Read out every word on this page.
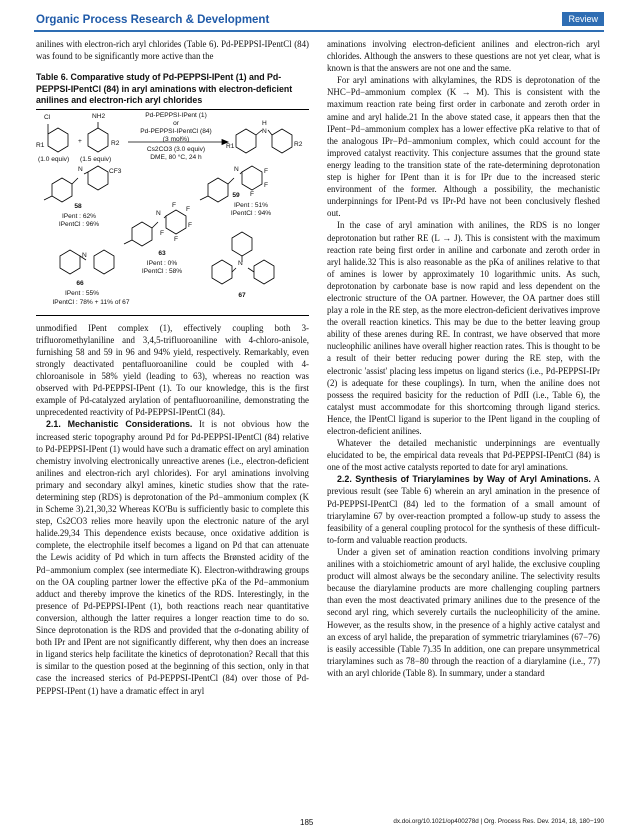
Organic Process Research & Development	Review

anilines with electron-rich aryl chlorides (Table 6). Pd-PEPPSI-IPentCl (84) was found to be significantly more active than the

Table 6. Comparative study of Pd-PEPPSI-IPent (1) and Pd-PEPPSI-IPentCl (84) in aryl aminations with electron-deficient anilines and electron-rich aryl chlorides
Cl	NH2
R1
+	R2
(1.0 equiv) (1.5 equiv)
Pd-PEPPSI-IPent (1)
or
Pd-PEPPSI-IPentCl (84)
(3 mol%)
Cs2CO3 (3.0 equiv)
DME, 80 °C, 24 h
R1
H
N
R2
N	CF3	N	F
F
F
N
F
F
F
F
F
N
N
58
IPent : 62%
IPentCl : 96%
59
IPent : 51%
IPentCl : 94%
63
IPent : 0%
IPentCl : 58%
66
IPent : 55%
IPentCl : 78% + 11% of 67
67

unmodified IPent complex (1), effectively coupling both 3-trifluoromethylaniline and 3,4,5-trifluoroaniline with 4-chloro-anisole, furnishing 58 and 59 in 96 and 94% yield, respectively. Remarkably, even strongly deactivated pentafluoroaniline could be coupled with 4-chloroanisole in 58% yield (leading to 63), whereas no reaction was observed with Pd-PEPPSI-IPent (1). To our knowledge, this is the first example of Pd-catalyzed arylation of pentafluoroaniline, demonstrating the unprecedented reactivity of Pd-PEPPSI-IPentCl (84).

2.1. Mechanistic Considerations. It is not obvious how the increased steric topography around Pd for Pd-PEPPSI-IPentCl (84) relative to Pd-PEPPSI-IPent (1) would have such a dramatic effect on aryl amination chemistry involving electronically unreactive arenes (i.e., electron-deficient anilines and electron-rich aryl chlorides). For aryl aminations involving primary and secondary alkyl amines, kinetic studies show that the rate-determining step (RDS) is deprotonation of the Pd−ammonium complex (K in Scheme 3).21,30,32 Whereas KO'Bu is sufficiently basic to complete this step, Cs2CO3 relies more heavily upon the electronic nature of the aryl halide.29,34 This dependence exists because, once oxidative addition is complete, the electrophile itself becomes a ligand on Pd that can attenuate the Lewis acidity of Pd which in turn affects the Brønsted acidity of the Pd−ammonium complex (see intermediate K). Electron-withdrawing groups on the OA coupling partner lower the effective pKa of the Pd−ammonium adduct and thereby improve the kinetics of the RDS. Interestingly, in the presence of Pd-PEPPSI-IPent (1), both reactions reach near quantitative conversion, although the latter requires a longer reaction time to do so. Since deprotonation is the RDS and provided that the σ-donating ability of both IPr and IPent are not significantly different, why then does an increase in ligand sterics help facilitate the kinetics of deprotonation? Recall that this is similar to the question posed at the beginning of this section, only in that case the increased sterics of Pd-PEPPSI-IPentCl (84) over those of Pd-PEPPSI-IPent (1) have a dramatic effect in aryl

aminations involving electron-deficient anilines and electron-rich aryl chlorides. Although the answers to these questions are not yet clear, what is known is that the answers are not one and the same.

For aryl aminations with alkylamines, the RDS is deprotonation of the NHC−Pd−ammonium complex (K → M). This is consistent with the maximum reaction rate being first order in carbonate and zeroth order in amine and aryl halide.21 In the above stated case, it appears then that the IPent−Pd−ammonium complex has a lower effective pKa relative to that of the analogous IPr−Pd−ammonium complex, which could account for the improved catalyst reactivity. This conjecture assumes that the ground state energy leading to the transition state of the rate-determining deprotonation step is higher for IPent than it is for IPr due to the increased steric environment of the former. Although a possibility, the mechanistic underpinnings for IPent-Pd vs IPr-Pd have not been conclusively fleshed out.

In the case of aryl amination with anilines, the RDS is no longer deprotonation but rather RE (L → J). This is consistent with the maximum reaction rate being first order in aniline and carbonate and zeroth order in aryl halide.32 This is also reasonable as the pKa of anilines relative to that of amines is lower by approximately 10 logarithmic units. As such, deprotonation by carbonate base is now rapid and less dependent on the electronic structure of the OA partner. However, the OA partner does still play a role in the RE step, as the more electron-deficient derivatives improve the overall reaction kinetics. This may be due to the better leaving group ability of these arenes during RE. In contrast, we have observed that more nucleophilic anilines have overall higher reaction rates. This is thought to be a result of their better reducing power during the RE step, with the electronic 'assist' placing less impetus on ligand sterics (i.e., Pd-PEPPSI-IPr (2) is adequate for these couplings). In turn, when the aniline does not possess the required basicity for the reduction of PdII (i.e., Table 6), the catalyst must accommodate for this shortcoming through ligand sterics. Hence, the IPentCl ligand is superior to the IPent ligand in the coupling of electron-deficient anilines.

Whatever the detailed mechanistic underpinnings are eventually elucidated to be, the empirical data reveals that Pd-PEPPSI-IPentCl (84) is one of the most active catalysts reported to date for aryl aminations.

2.2. Synthesis of Triarylamines by Way of Aryl Aminations. A previous result (see Table 6) wherein an aryl amination in the presence of Pd-PEPPSI-IPentCl (84) led to the formation of a small amount of triarylamine 67 by over-reaction prompted a follow-up study to assess the feasibility of a general coupling protocol for the synthesis of these difficult-to-form and valuable reaction products.

Under a given set of amination reaction conditions involving primary anilines with a stoichiometric amount of aryl halide, the exclusive coupling product will almost always be the secondary aniline. The selectivity results because the diarylamine products are more challenging coupling partners than even the most deactivated primary anilines due to the presence of the second aryl ring, which severely curtails the nucleophilicity of the amine. However, as the results show, in the presence of a highly active catalyst and an excess of aryl halide, the preparation of symmetric triarylamines (67−76) is easily accessible (Table 7).35 In addition, one can prepare unsymmetrical triarylamines such as 78−80 through the reaction of a diarylamine (i.e., 77) with an aryl chloride (Table 8). In summary, under a standard

185	dx.doi.org/10.1021/op400278d | Org. Process Res. Dev. 2014, 18, 180−190
